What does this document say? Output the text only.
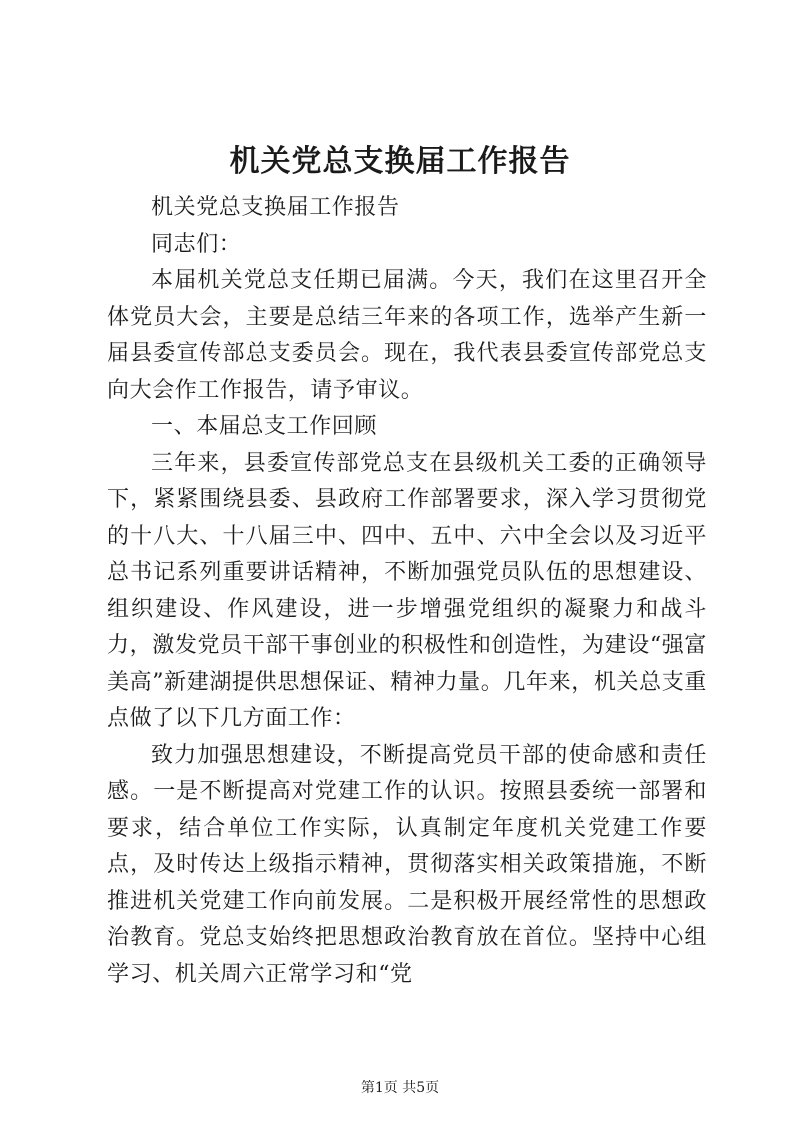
机关党总支换届工作报告

机关党总支换届工作报告

同志们：

本届机关党总支任期已届满。今天，我们在这里召开全体党员大会，主要是总结三年来的各项工作，选举产生新一届县委宣传部总支委员会。现在，我代表县委宣传部党总支向大会作工作报告，请予审议。

一、本届总支工作回顾

三年来，县委宣传部党总支在县级机关工委的正确领导下，紧紧围绕县委、县政府工作部署要求，深入学习贯彻党的十八大、十八届三中、四中、五中、六中全会以及习近平总书记系列重要讲话精神，不断加强党员队伍的思想建设、组织建设、作风建设，进一步增强党组织的凝聚力和战斗力，激发党员干部干事创业的积极性和创造性，为建设“强富美高”新建湖提供思想保证、精神力量。几年来，机关总支重点做了以下几方面工作：

致力加强思想建设，不断提高党员干部的使命感和责任感。一是不断提高对党建工作的认识。按照县委统一部署和要求，结合单位工作实际，认真制定年度机关党建工作要点，及时传达上级指示精神，贯彻落实相关政策措施，不断推进机关党建工作向前发展。二是积极开展经常性的思想政治教育。党总支始终把思想政治教育放在首位。坚持中心组学习、机关周六正常学习和“党

第1页 共5页
